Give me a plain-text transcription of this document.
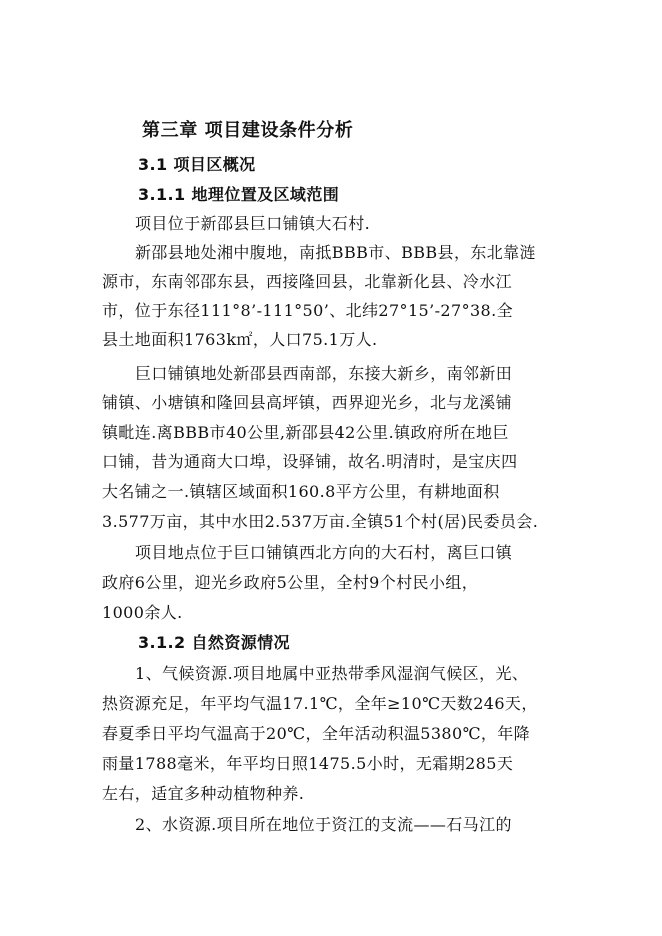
第三章 项目建设条件分析
3.1 项目区概况
3.1.1 地理位置及区域范围
项目位于新邵县巨口铺镇大石村.
新邵县地处湘中腹地，南抵BBB市、BBB县，东北靠涟
源市，东南邻邵东县，西接隆回县，北靠新化县、冷水江
市，位于东径111°8’-111°50’、北纬27°15’-27°38.全
县土地面积1763k㎡，人口75.1万人.
巨口铺镇地处新邵县西南部，东接大新乡，南邻新田
铺镇、小塘镇和隆回县高坪镇，西界迎光乡，北与龙溪铺
镇毗连.离BBB市40公里,新邵县42公里.镇政府所在地巨
口铺，昔为通商大口埠，设驿铺，故名.明清时，是宝庆四
大名铺之一.镇辖区域面积160.8平方公里，有耕地面积
3.577万亩，其中水田2.537万亩.全镇51个村(居)民委员会.
项目地点位于巨口铺镇西北方向的大石村，离巨口镇
政府6公里，迎光乡政府5公里，全村9个村民小组，
1000余人.
3.1.2 自然资源情况
1、气候资源.项目地属中亚热带季风湿润气候区，光、
热资源充足，年平均气温17.1℃，全年≥10℃天数246天，
春夏季日平均气温高于20℃，全年活动积温5380℃，年降
雨量1788毫米，年平均日照1475.5小时，无霜期285天
左右，适宜多种动植物种养.
2、水资源.项目所在地位于资江的支流——石马江的
